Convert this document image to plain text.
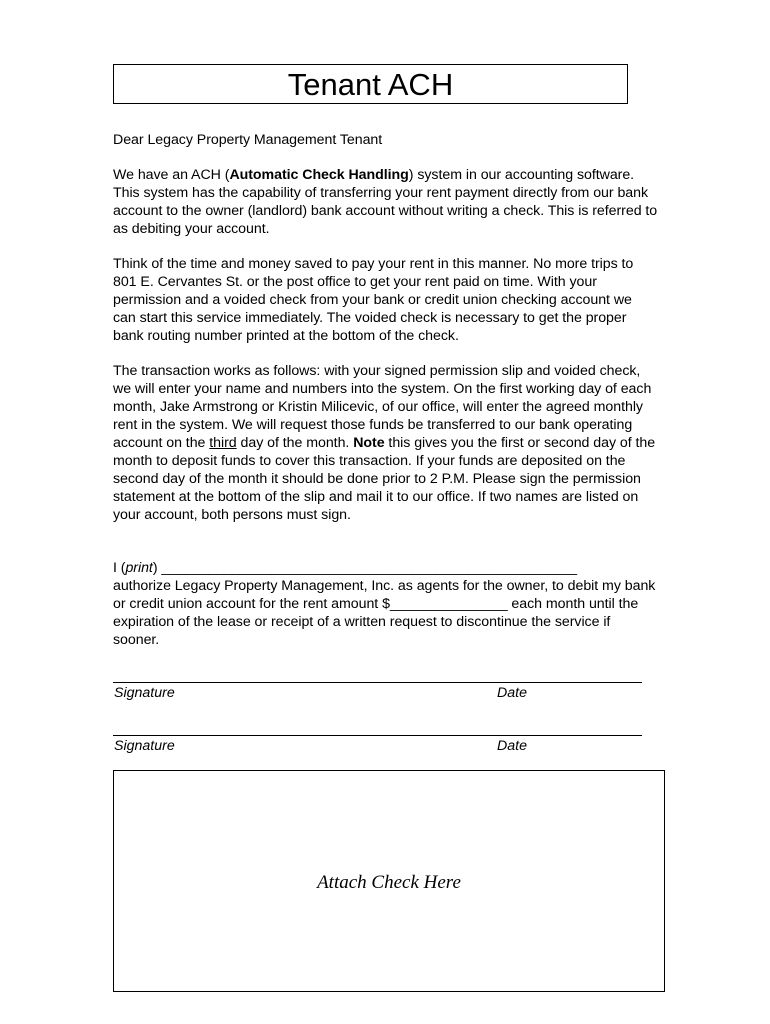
Tenant ACH

Dear Legacy Property Management Tenant

We have an ACH (Automatic Check Handling) system in our accounting software. This system has the capability of transferring your rent payment directly from our bank account to the owner (landlord) bank account without writing a check. This is referred to as debiting your account.

Think of the time and money saved to pay your rent in this manner. No more trips to 801 E. Cervantes St. or the post office to get your rent paid on time. With your permission and a voided check from your bank or credit union checking account we can start this service immediately. The voided check is necessary to get the proper bank routing number printed at the bottom of the check.

The transaction works as follows: with your signed permission slip and voided check, we will enter your name and numbers into the system. On the first working day of each month, Jake Armstrong or Kristin Milicevic, of our office, will enter the agreed monthly rent in the system. We will request those funds be transferred to our bank operating account on the third day of the month. Note this gives you the first or second day of the month to deposit funds to cover this transaction. If your funds are deposited on the second day of the month it should be done prior to 2 P.M. Please sign the permission statement at the bottom of the slip and mail it to our office. If two names are listed on your account, both persons must sign.

I (print) _____________________________________________________
authorize Legacy Property Management, Inc. as agents for the owner, to debit my bank or credit union account for the rent amount $_______________ each month until the expiration of the lease or receipt of a written request to discontinue the service if sooner.

Signature	Date
Signature	Date
Attach Check Here
